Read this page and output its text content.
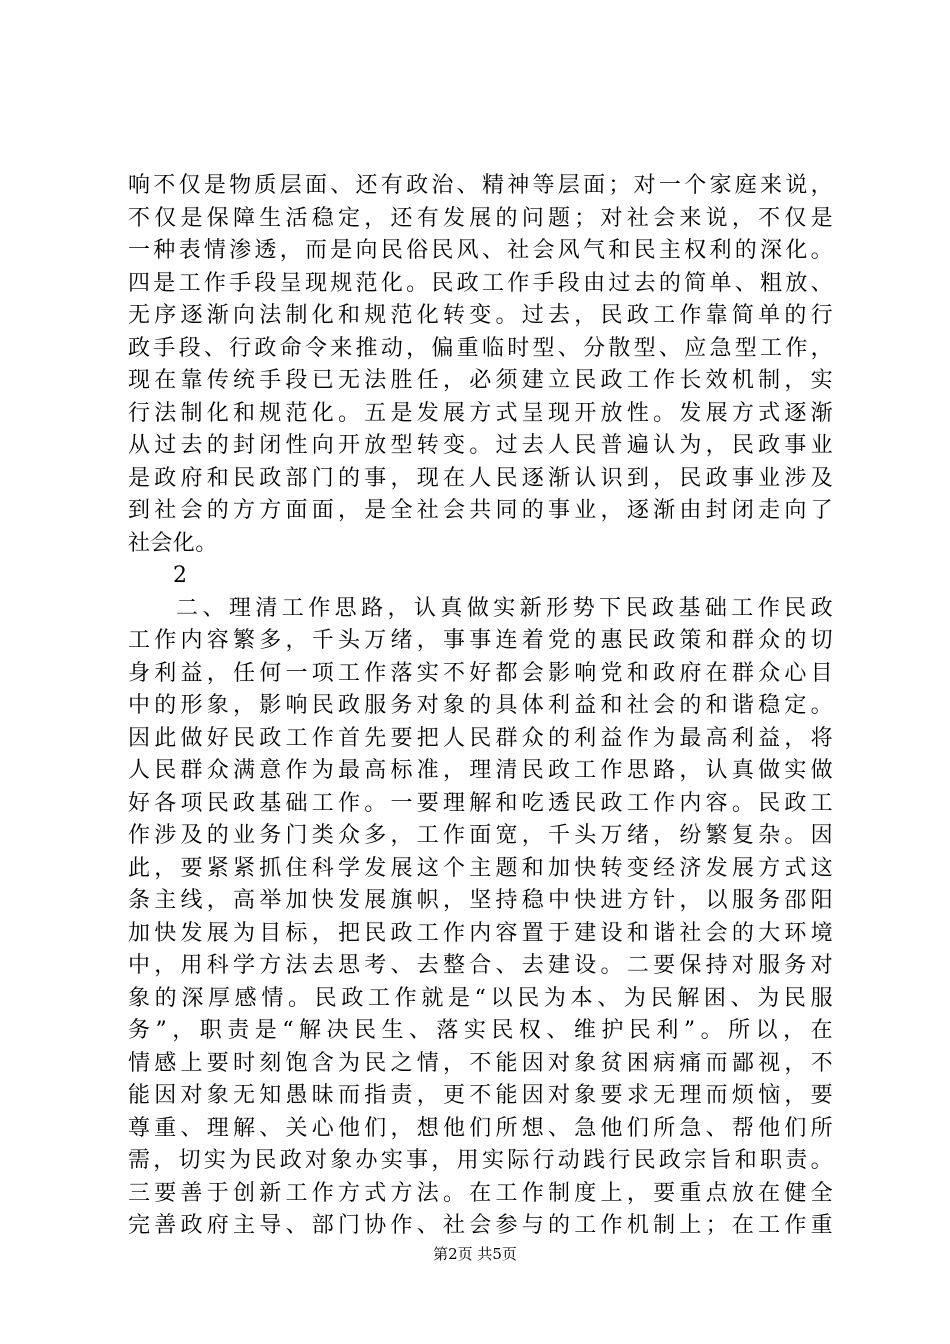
响不仅是物质层面、还有政治、精神等层面；对一个家庭来说，
不仅是保障生活稳定，还有发展的问题；对社会来说，不仅是
一种表情渗透，而是向民俗民风、社会风气和民主权利的深化。
四是工作手段呈现规范化。民政工作手段由过去的简单、粗放、
无序逐渐向法制化和规范化转变。过去，民政工作靠简单的行
政手段、行政命令来推动，偏重临时型、分散型、应急型工作，
现在靠传统手段已无法胜任，必须建立民政工作长效机制，实
行法制化和规范化。五是发展方式呈现开放性。发展方式逐渐
从过去的封闭性向开放型转变。过去人民普遍认为，民政事业
是政府和民政部门的事，现在人民逐渐认识到，民政事业涉及
到社会的方方面面，是全社会共同的事业，逐渐由封闭走向了
社会化。
2
二、理清工作思路，认真做实新形势下民政基础工作民政
工作内容繁多，千头万绪，事事连着党的惠民政策和群众的切
身利益，任何一项工作落实不好都会影响党和政府在群众心目
中的形象，影响民政服务对象的具体利益和社会的和谐稳定。
因此做好民政工作首先要把人民群众的利益作为最高利益，将
人民群众满意作为最高标准，理清民政工作思路，认真做实做
好各项民政基础工作。一要理解和吃透民政工作内容。民政工
作涉及的业务门类众多，工作面宽，千头万绪，纷繁复杂。因
此，要紧紧抓住科学发展这个主题和加快转变经济发展方式这
条主线，高举加快发展旗帜，坚持稳中快进方针，以服务邵阳
加快发展为目标，把民政工作内容置于建设和谐社会的大环境
中，用科学方法去思考、去整合、去建设。二要保持对服务对
象的深厚感情。民政工作就是“以民为本、为民解困、为民服
务”，职责是“解决民生、落实民权、维护民利”。所以，在
情感上要时刻饱含为民之情，不能因对象贫困病痛而鄙视，不
能因对象无知愚昧而指责，更不能因对象要求无理而烦恼，要
尊重、理解、关心他们，想他们所想、急他们所急、帮他们所
需，切实为民政对象办实事，用实际行动践行民政宗旨和职责。
三要善于创新工作方式方法。在工作制度上，要重点放在健全
完善政府主导、部门协作、社会参与的工作机制上；在工作重
第2页 共5页
